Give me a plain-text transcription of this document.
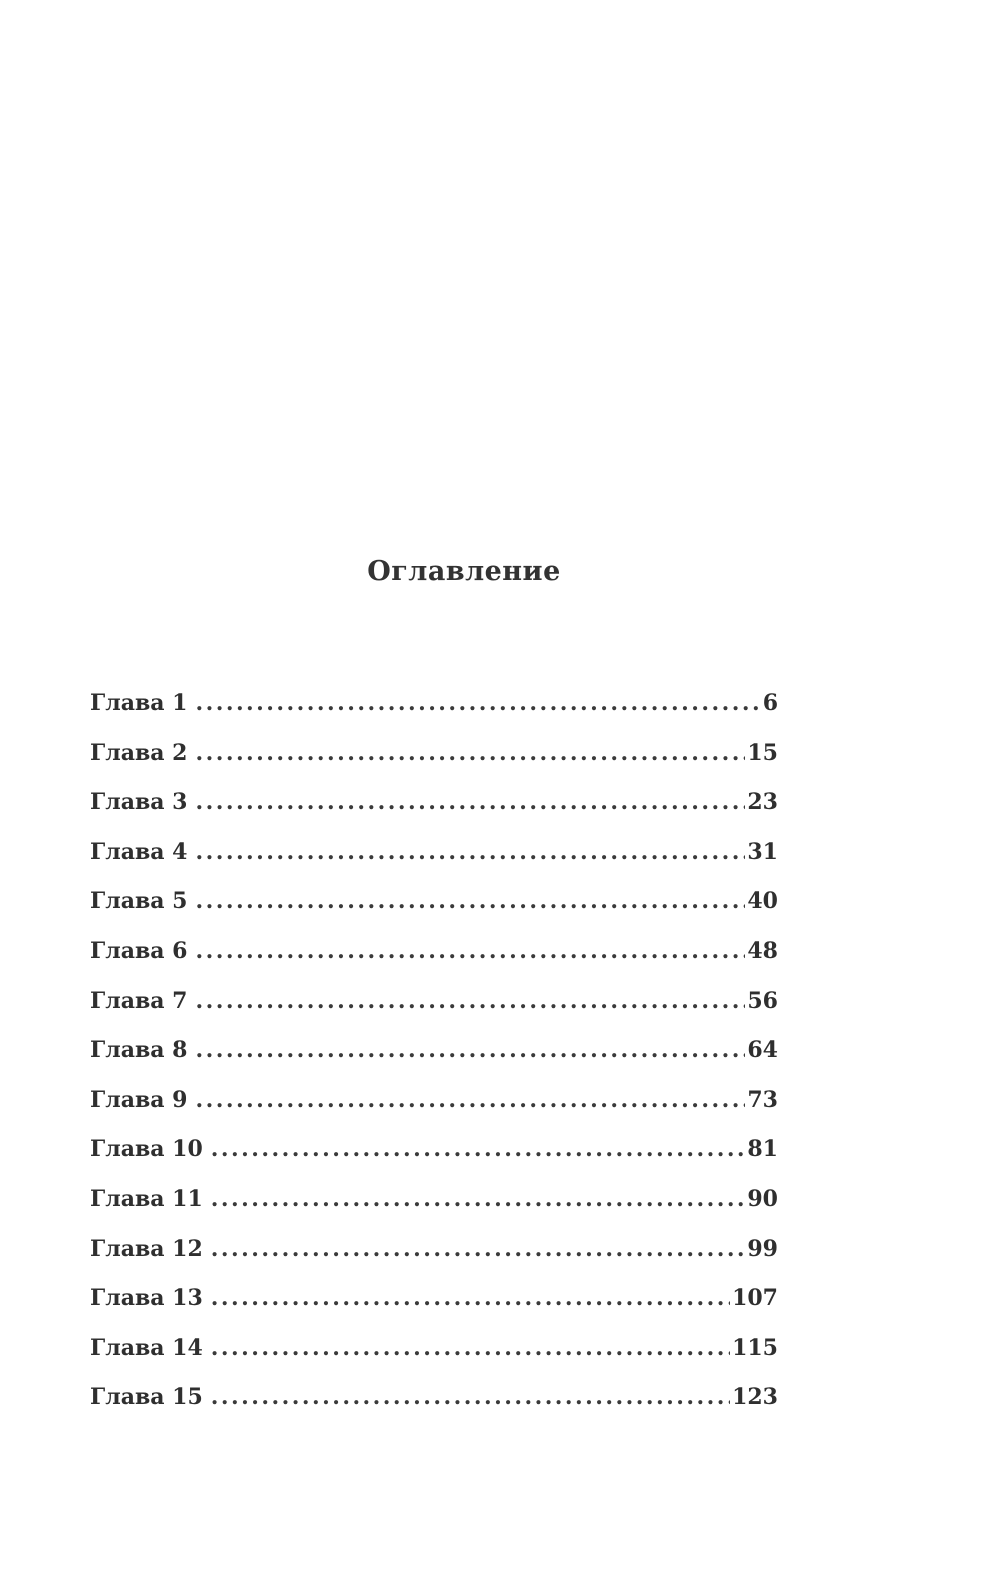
Оглавление
Глава 1 . . .	6
Глава 2 . . .	15
Глава 3 . . .	23
Глава 4 . . .	31
Глава 5 . . .	40
Глава 6 . . .	48
Глава 7 . . .	56
Глава 8 . . .	64
Глава 9 . . .	73
Глава 10 . . .	81
Глава 11 . . .	90
Глава 12 . . .	99
Глава 13 . . .	107
Глава 14 . . .	115
Глава 15 . . .	123
